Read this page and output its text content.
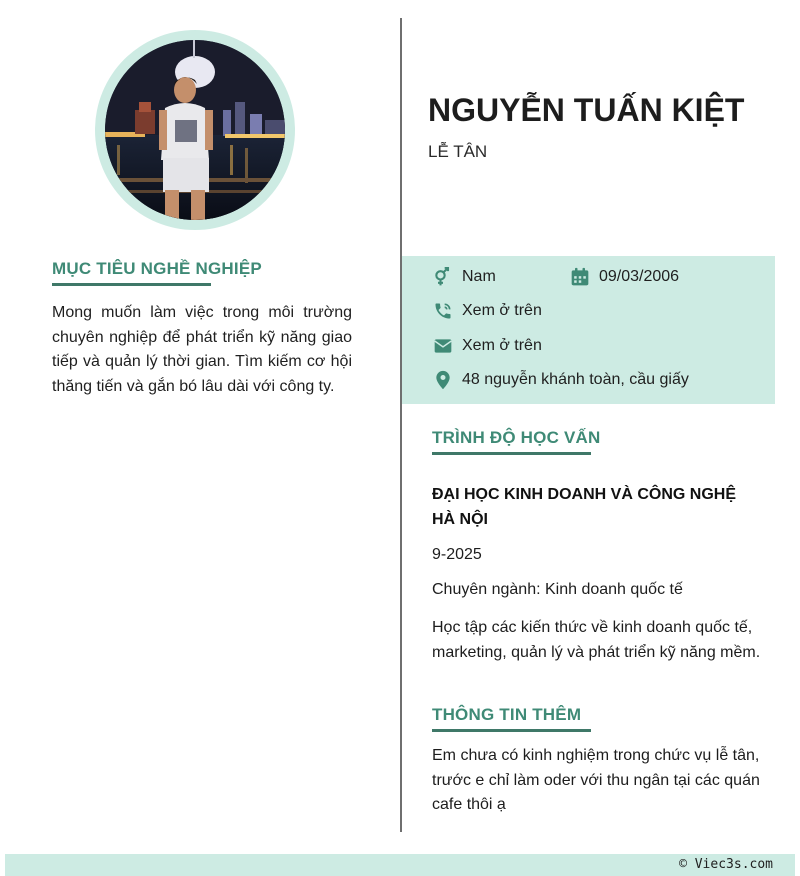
MỤC TIÊU NGHỀ NGHIỆP
Mong muốn làm việc trong môi trường chuyên nghiệp để phát triển kỹ năng giao tiếp và quản lý thời gian. Tìm kiếm cơ hội thăng tiến và gắn bó lâu dài với công ty.
NGUYỄN TUẤN KIỆT
LỄ TÂN
Nam	09/03/2006
Xem ở trên
Xem ở trên
48 nguyễn khánh toàn, cầu giấy
TRÌNH ĐỘ HỌC VẤN
ĐẠI HỌC KINH DOANH VÀ CÔNG NGHỆ HÀ NỘI
9-2025
Chuyên ngành: Kinh doanh quốc tế
Học tập các kiến thức về kinh doanh quốc tế, marketing, quản lý và phát triển kỹ năng mềm.
THÔNG TIN THÊM
Em chưa có kinh nghiệm trong chức vụ lễ tân, trước e chỉ làm oder với thu ngân tại các quán cafe thôi ạ
© Viec3s.com
